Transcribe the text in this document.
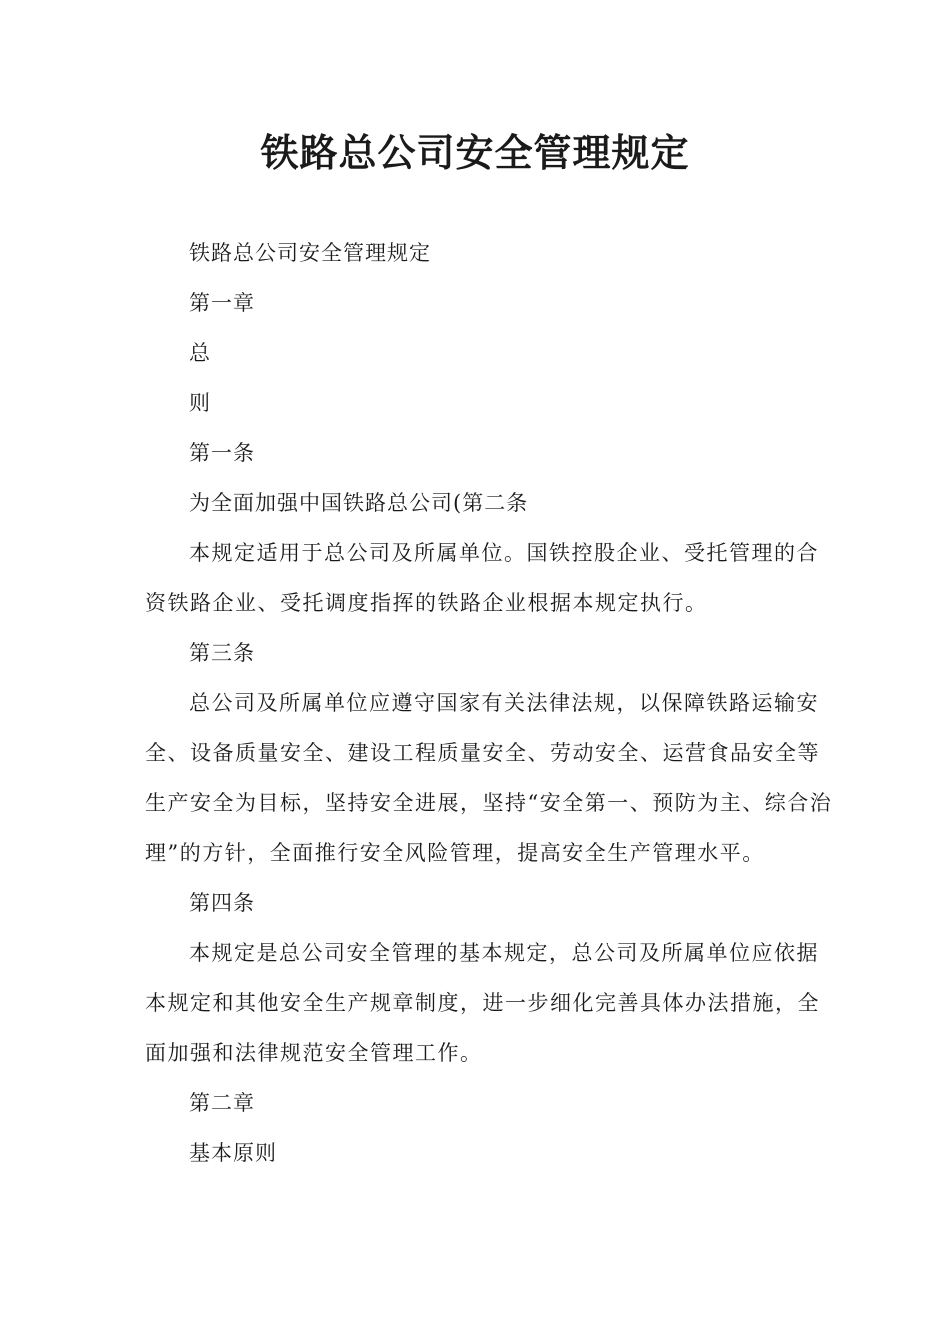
铁路总公司安全管理规定

铁路总公司安全管理规定

第一章

总

则

第一条

为全面加强中国铁路总公司(第二条

本规定适用于总公司及所属单位。国铁控股企业、受托管理的合资铁路企业、受托调度指挥的铁路企业根据本规定执行。

第三条

总公司及所属单位应遵守国家有关法律法规，以保障铁路运输安全、设备质量安全、建设工程质量安全、劳动安全、运营食品安全等生产安全为目标，坚持安全进展，坚持“安全第一、预防为主、综合治理”的方针，全面推行安全风险管理，提高安全生产管理水平。

第四条

本规定是总公司安全管理的基本规定，总公司及所属单位应依据本规定和其他安全生产规章制度，进一步细化完善具体办法措施，全面加强和法律规范安全管理工作。

第二章

基本原则
